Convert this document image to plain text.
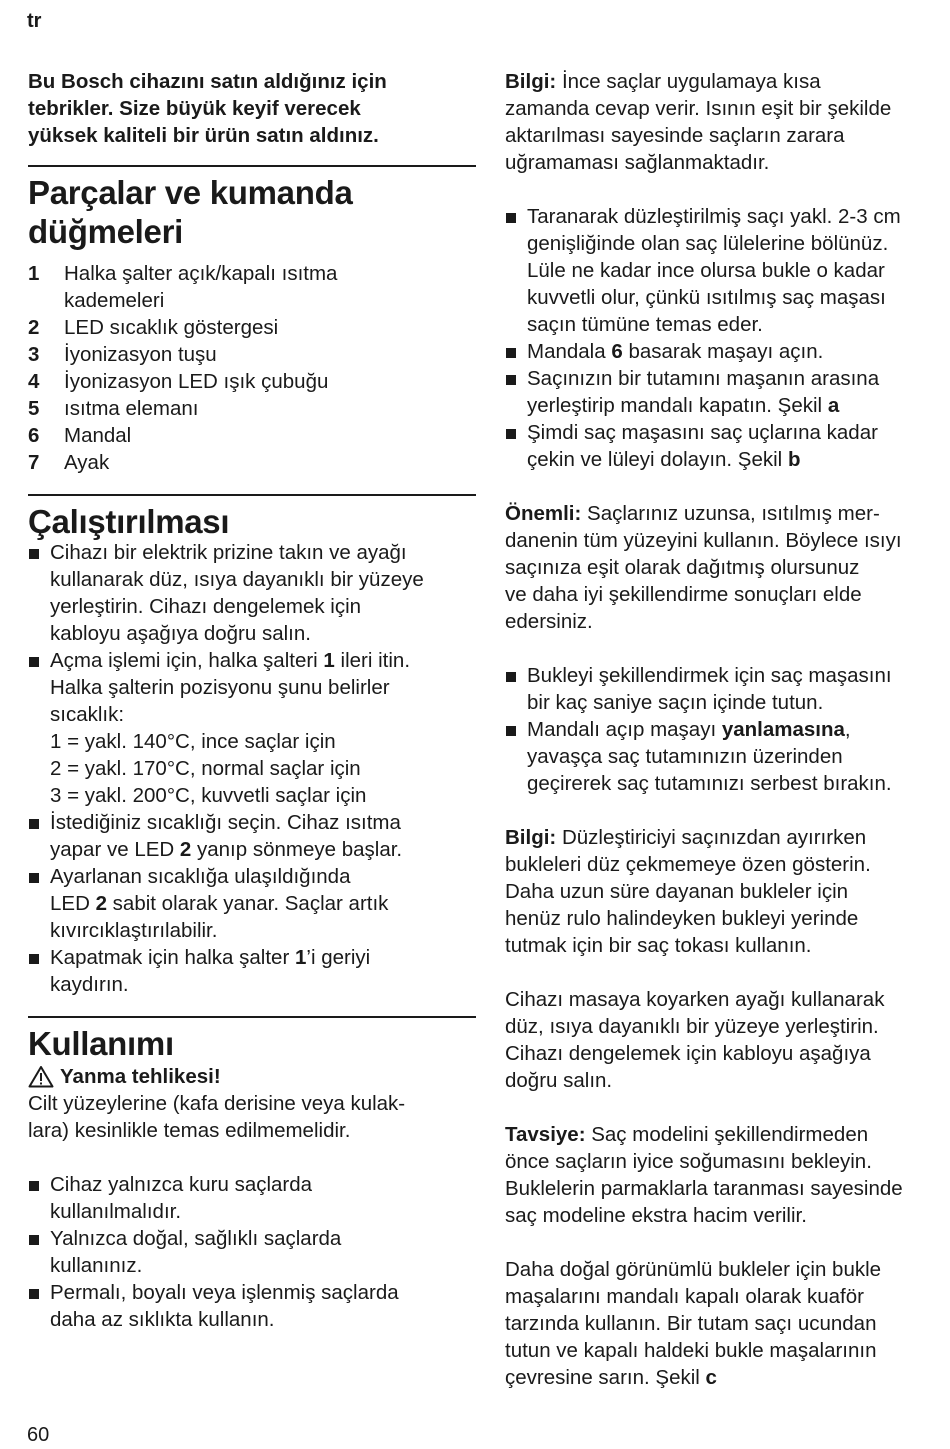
tr

Bu Bosch cihazını satın aldığınız için
tebrikler. Size büyük keyif verecek
yüksek kaliteli bir ürün satın aldınız.

Parçalar ve kumanda
düğmeleri
1	Halka şalter açık/kapalı ısıtma
kademeleri
2	LED sıcaklık göstergesi
3	İyonizasyon tuşu
4	İyonizasyon LED ışık çubuğu
5	ısıtma elemanı
6	Mandal
7	Ayak
Çalıştırılması
Cihazı bir elektrik prizine takın ve ayağı
kullanarak düz, ısıya dayanıklı bir yüzeye
yerleştirin. Cihazı dengelemek için
kabloyu aşağıya doğru salın.
Açma işlemi için, halka şalteri 1 ileri itin.
Halka şalterin pozisyonu şunu belirler
sıcaklık:
1 = yakl. 140°C, ince saçlar için
2 = yakl. 170°C, normal saçlar için
3 = yakl. 200°C, kuvvetli saçlar için
İstediğiniz sıcaklığı seçin. Cihaz ısıtma
yapar ve LED 2 yanıp sönmeye başlar.
Ayarlanan sıcaklığa ulaşıldığında
LED 2 sabit olarak yanar. Saçlar artık
kıvırcıklaştırılabilir.
Kapatmak için halka şalter 1’i geriyi
kaydırın.
Kullanımı
Yanma tehlikesi!

Cilt yüzeylerine (kafa derisine veya kulak-
lara) kesinlikle temas edilmemelidir.

Cihaz yalnızca kuru saçlarda
kullanılmalıdır.
Yalnızca doğal, sağlıklı saçlarda
kullanınız.
Permalı, boyalı veya işlenmiş saçlarda
daha az sıklıkta kullanın.

Bilgi: İnce saçlar uygulamaya kısa
zamanda cevap verir. Isının eşit bir şekilde
aktarılması sayesinde saçların zarara
uğramaması sağlanmaktadır.

Taranarak düzleştirilmiş saçı yakl. 2-3 cm
genişliğinde olan saç lülelerine bölünüz.
Lüle ne kadar ince olursa bukle o kadar
kuvvetli olur, çünkü ısıtılmış saç maşası
saçın tümüne temas eder.
Mandala 6 basarak maşayı açın.
Saçınızın bir tutamını maşanın arasına
yerleştirip mandalı kapatın. Şekil a
Şimdi saç maşasını saç uçlarına kadar
çekin ve lüleyi dolayın. Şekil b

Önemli: Saçlarınız uzunsa, ısıtılmış mer-
danenin tüm yüzeyini kullanın. Böylece ısıyı
saçınıza eşit olarak dağıtmış olursunuz
ve daha iyi şekillendirme sonuçları elde
edersiniz.

Bukleyi şekillendirmek için saç maşasını
bir kaç saniye saçın içinde tutun.
Mandalı açıp maşayı yanlamasına,
yavaşça saç tutamınızın üzerinden
geçirerek saç tutamınızı serbest bırakın.

Bilgi: Düzleştiriciyi saçınızdan ayırırken
bukleleri düz çekmemeye özen gösterin.
Daha uzun süre dayanan bukleler için
henüz rulo halindeyken bukleyi yerinde
tutmak için bir saç tokası kullanın.

Cihazı masaya koyarken ayağı kullanarak
düz, ısıya dayanıklı bir yüzeye yerleştirin.
Cihazı dengelemek için kabloyu aşağıya
doğru salın.

Tavsiye: Saç modelini şekillendirmeden
önce saçların iyice soğumasını bekleyin.
Buklelerin parmaklarla taranması sayesinde
saç modeline ekstra hacim verilir.

Daha doğal görünümlü bukleler için bukle
maşalarını mandalı kapalı olarak kuaför
tarzında kullanın. Bir tutam saçı ucundan
tutun ve kapalı haldeki bukle maşalarının
çevresine sarın. Şekil c

60
